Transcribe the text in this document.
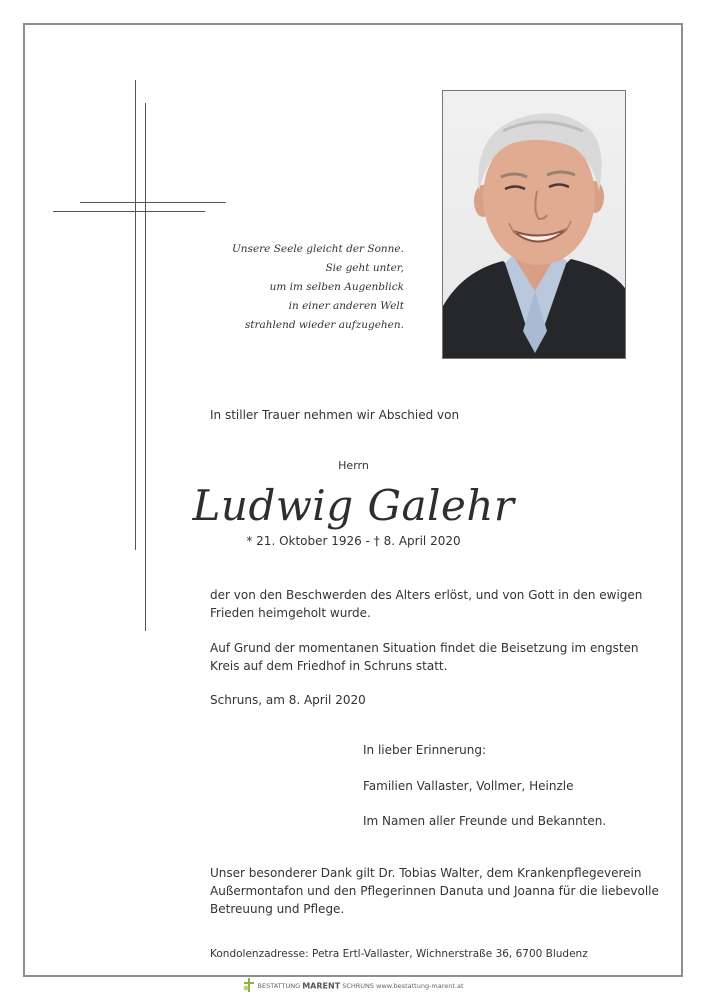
Unsere Seele gleicht der Sonne.
Sie geht unter,
um im selben Augenblick
in einer anderen Welt
strahlend wieder aufzugehen.
In stiller Trauer nehmen wir Abschied von
Herrn
Ludwig Galehr
* 21. Oktober 1926 - † 8. April 2020
der von den Beschwerden des Alters erlöst, und von Gott in den ewigen
Frieden heimgeholt wurde.
Auf Grund der momentanen Situation findet die Beisetzung im engsten
Kreis auf dem Friedhof in Schruns statt.
Schruns, am 8. April 2020
In lieber Erinnerung:
Familien Vallaster, Vollmer, Heinzle
Im Namen aller Freunde und Bekannten.
Unser besonderer Dank gilt Dr. Tobias Walter, dem Krankenpflegeverein
Außermontafon und den Pflegerinnen Danuta und Joanna für die liebevolle
Betreuung und Pflege.
Kondolenzadresse: Petra Ertl-Vallaster, Wichnerstraße 36, 6700 Bludenz
BESTATTUNG MARENT SCHRUNS www.bestattung-marent.at
